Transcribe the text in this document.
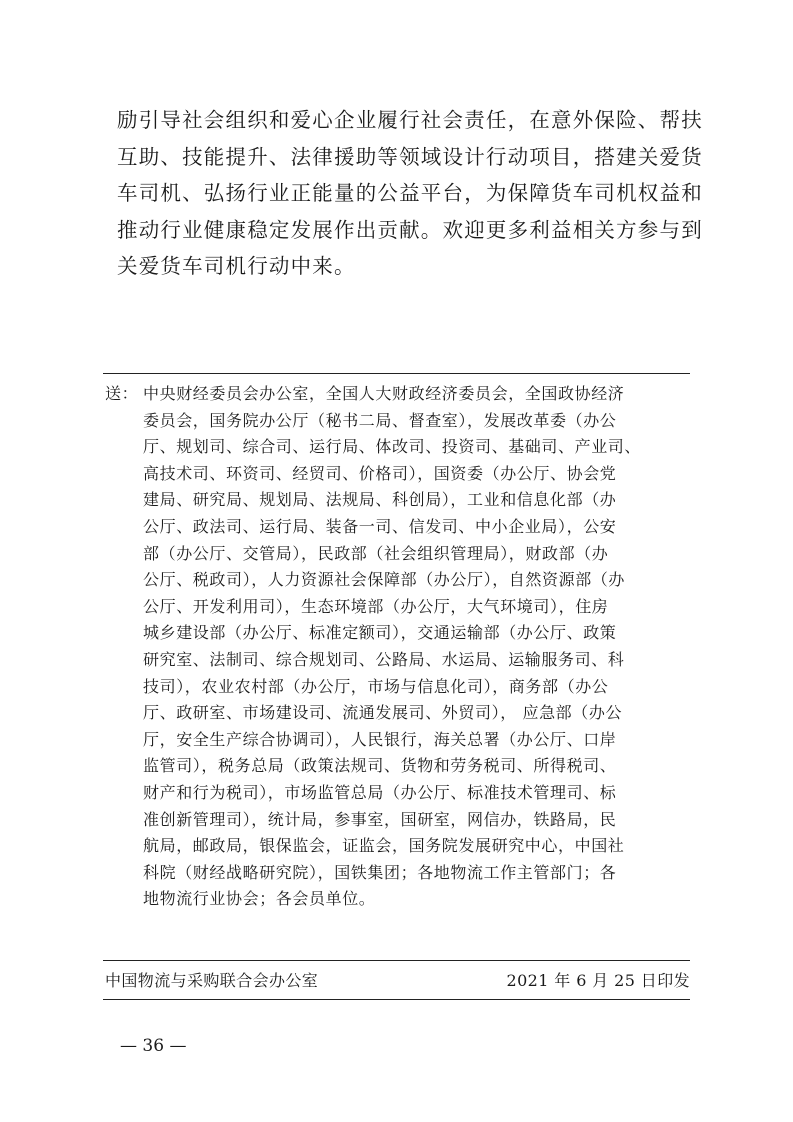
励引导社会组织和爱心企业履行社会责任，在意外保险、帮扶
互助、技能提升、法律援助等领域设计行动项目，搭建关爱货
车司机、弘扬行业正能量的公益平台，为保障货车司机权益和
推动行业健康稳定发展作出贡献。欢迎更多利益相关方参与到
关爱货车司机行动中来。
送： 中央财经委员会办公室，全国人大财政经济委员会，全国政协经济
委员会，国务院办公厅（秘书二局、督查室），发展改革委（办公
厅、规划司、综合司、运行局、体改司、投资司、基础司、产业司、
高技术司、环资司、经贸司、价格司），国资委（办公厅、协会党
建局、研究局、规划局、法规局、科创局），工业和信息化部（办
公厅、政法司、运行局、装备一司、信发司、中小企业局），公安
部（办公厅、交管局），民政部（社会组织管理局），财政部（办
公厅、税政司），人力资源社会保障部（办公厅），自然资源部（办
公厅、开发利用司），生态环境部（办公厅，大气环境司），住房
城乡建设部（办公厅、标准定额司），交通运输部（办公厅、政策
研究室、法制司、综合规划司、公路局、水运局、运输服务司、科
技司），农业农村部（办公厅，市场与信息化司），商务部（办公
厅、政研室、市场建设司、流通发展司、外贸司）， 应急部（办公
厅，安全生产综合协调司），人民银行，海关总署（办公厅、口岸
监管司），税务总局（政策法规司、货物和劳务税司、所得税司、
财产和行为税司），市场监管总局（办公厅、标准技术管理司、标
准创新管理司），统计局，参事室，国研室，网信办，铁路局，民
航局，邮政局，银保监会，证监会，国务院发展研究中心，中国社
科院（财经战略研究院），国铁集团；各地物流工作主管部门；各
地物流行业协会；各会员单位。
中国物流与采购联合会办公室	2021 年 6 月 25 日印发
— 36 —
